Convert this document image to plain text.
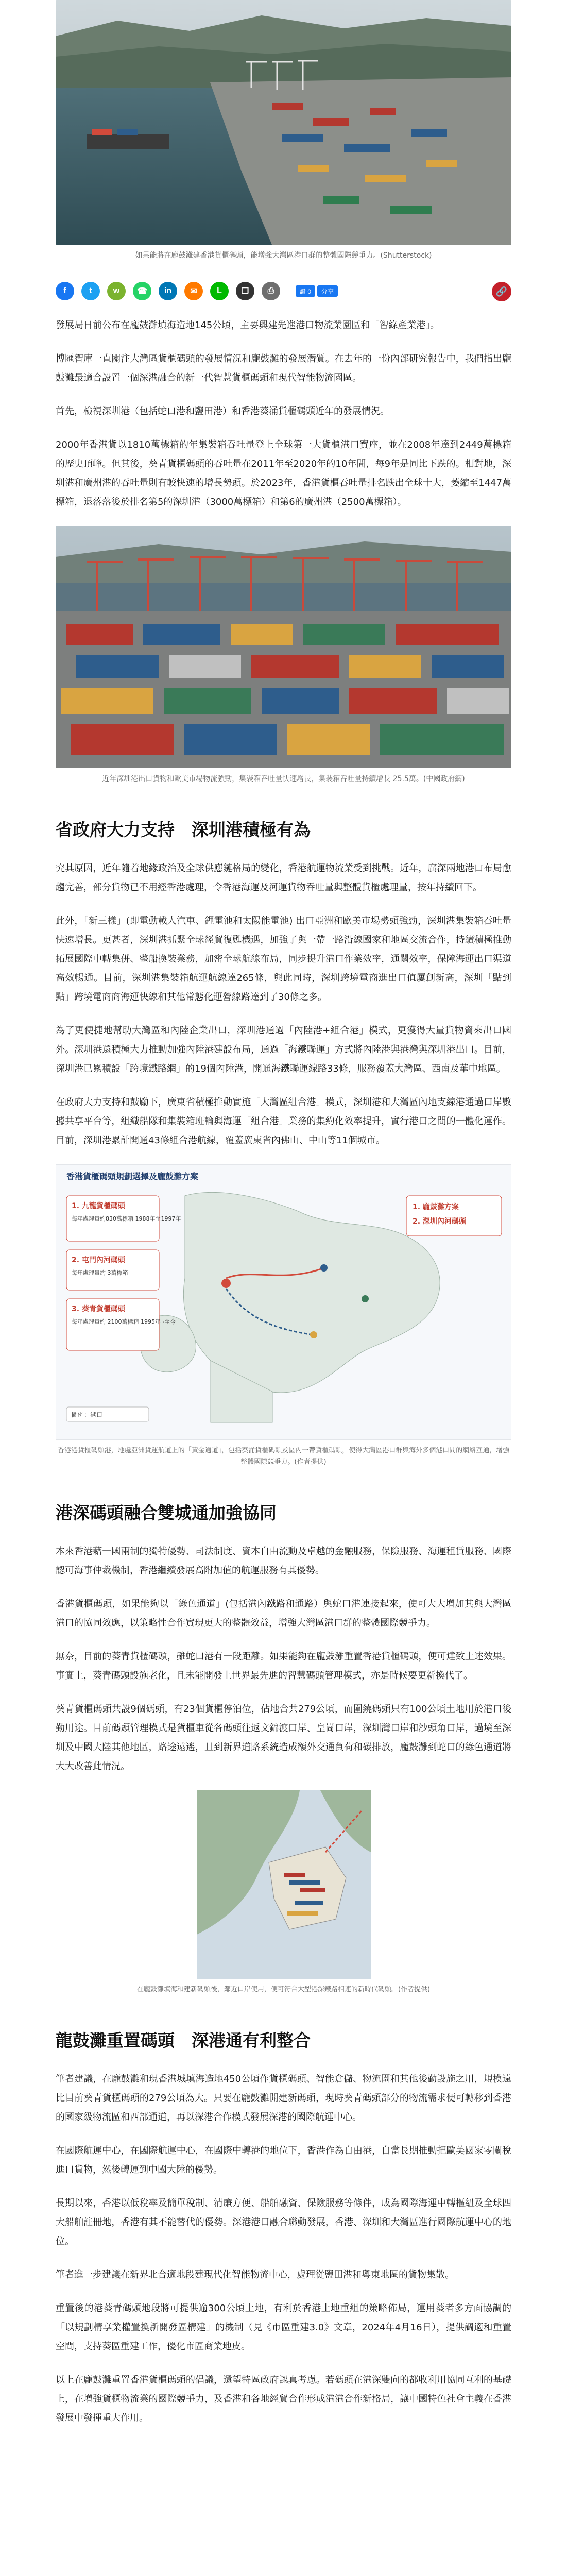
如果能將在龐鼓灘建香港貨櫃碼頭，能增強大灣區港口群的整體國際競爭力。(Shutterstock)
f	t	w	☎	in	✉	L	❐	⎙	讚 0 分享	🔗

發展局日前公布在龐鼓灘填海造地145公頃，主要興建先進港口物流業園區和「智綠產業港」。

博匯智庫一直關注大灣區貨櫃碼頭的發展情況和龐鼓灘的發展潛質。在去年的一份內部研究報告中，我們指出龐鼓灘最適合設置一個深港融合的新一代智慧貨櫃碼頭和現代智能物流園區。

首先，檢視深圳港（包括蛇口港和鹽田港）和香港葵涌貨櫃碼頭近年的發展情況。

2000年香港貨以1810萬標箱的年集裝箱吞吐量登上全球第一大貨櫃港口寶座，並在2008年達到2449萬標箱的歷史頂峰。但其後，葵青貨櫃碼頭的吞吐量在2011年至2020年的10年間，每9年是同比下跌的。相對地，深圳港和廣州港的吞吐量則有較快速的增長勢頭。於2023年，香港貨櫃吞吐量排名跌出全球十大，萎縮至1447萬標箱，退落落後於排名第5的深圳港（3000萬標箱）和第6的廣州港（2500萬標箱）。

近年深圳港出口貨物和歐美市場物流強勁，集裝箱吞吐量快速增長，集裝箱吞吐量持續增長 25.5萬。(中國政府網)
省政府大力支持　深圳港積極有為

究其原因，近年隨着地緣政治及全球供應鏈格局的變化，香港航運物流業受到挑戰。近年，廣深兩地港口布局愈趨完善，部分貨物已不用經香港處理，令香港海運及河運貨物吞吐量與整體貨櫃處理量，按年持續回下。

此外，「新三樣」(即電動載人汽車、鋰電池和太陽能電池) 出口亞洲和歐美市場勢頭強勁，深圳港集裝箱吞吐量快速增長。更甚者，深圳港抓緊全球經貿復甦機遇，加強了與一帶一路沿線國家和地區交流合作，持續積極推動拓展國際中轉集併、整船換裝業務，加密全球航線布局，同步提升港口作業效率，通關效率，保障海運出口渠道高效暢通。目前，深圳港集裝箱航運航線達265條，與此同時，深圳跨境電商進出口值屢創新高，深圳「點到點」跨境電商商海運快線和其他常態化運營線路達到了30條之多。

為了更便捷地幫助大灣區和內陸企業出口，深圳港通過「內陸港+組合港」模式，更獲得大量貨物資來出口國外。深圳港還積極大力推動加強內陸港建設布局，通過「海鐵聯運」方式將內陸港與港灣與深圳港出口。目前，深圳港已累積設「跨境鐵路網」的19個內陸港，開通海鐵聯運線路33條，服務覆蓋大灣區、西南及華中地區。

在政府大力支持和鼓勵下，廣東省積極推動實施「大灣區組合港」模式，深圳港和大灣區內地支線港通過口岸數據共享平台等，組織船隊和集裝箱班輪與海運「組合港」業務的集約化效率提升，實行港口之間的一體化運作。目前，深圳港累計開通43條組合港航線，覆蓋廣東省內佛山、中山等11個城市。

香港貨櫃碼頭規劃選擇及龐鼓灘方案
1. 九龍貨櫃碼頭
每年處理量約830萬標箱 1988年至1997年
2. 屯門內河碼頭
每年處理量約 3萬標箱
3. 葵青貨櫃碼頭
每年處理量約 2100萬標箱 1995年 -至今
1. 龐鼓灘方案
2. 深圳內河碼頭
圖例：港口
香港港貨櫃碼頭港，地處亞洲貨運航道上的「黃金通道」，包括葵涌貨櫃碼頭及區內一帶貨櫃碼頭，使得大灣區港口群與海外多個港口間的網絡互通，增強整體國際競爭力。(作者提供)
港深碼頭融合雙城通加強協同

本來香港藉一國兩制的獨特優勢、司法制度、資本自由流動及卓越的金融服務，保險服務、海運租賃服務、國際認可海事仲裁機制，香港繼續發展高附加值的航運服務有其優勢。

香港貨櫃碼頭，如果能夠以「綠色通道」(包括港內鐵路和通路）與蛇口港連接起來，使可大大增加其與大灣區港口的協同效應，以策略性合作實現更大的整體效益，增強大灣區港口群的整體國際競爭力。

無奈，目前的葵青貨櫃碼頭，雖蛇口港有一段距離。如果能夠在龐鼓灘重置香港貨櫃碼頭，便可達致上述效果。事實上，葵青碼頭設施老化，且未能開發上世界最先進的智慧碼頭管理模式，亦是時候要更新換代了。

葵青貨櫃碼頭共設9個碼頭，有23個貨櫃停泊位，佔地合共279公頃，而圍繞碼頭只有100公頃土地用於港口後勤用途。目前碼頭管理模式是貨櫃車從各碼頭往返文錦渡口岸、皇崗口岸，深圳灣口岸和沙頭角口岸，過境至深圳及中國大陸其他地區，路途遠遙，且到新界道路系統造成額外交通負荷和碳排放，龐鼓灘到蛇口的綠色通道將大大改善此情況。

在龐鼓灘填海和建新碼頭後，鄰近口岸使用，便可符合大型港深鐵路相連的新時代碼頭。(作者提供)
龍鼓灘重置碼頭　深港通有利整合

筆者建議，在龐鼓灘和現香港城填海造地450公頃作貨櫃碼頭、智能倉儲、物流園和其他後勤設施之用，規模遠比目前葵青貨櫃碼頭的279公頃為大。只要在龐鼓灘開建新碼頭，現時葵青碼頭部分的物流需求便可轉移到香港的國家級物流區和西部通道，再以深港合作模式發展深港的國際航運中心。

在國際航運中心，在國際航運中心，在國際中轉港的地位下，香港作為自由港，自當長期推動把歐美國家零關稅進口貨物，然後轉運到中國大陸的優勢。

長期以來，香港以低稅率及簡單稅制、清廉方便、船舶融資、保險服務等條件，成為國際海運中轉樞紐及全球四大船舶註冊地，香港有其不能替代的優勢。深港港口融合聯動發展，香港、深圳和大灣區進行國際航運中心的地位。

筆者進一步建議在新界北合適地段建現代化智能物流中心，處理從鹽田港和粵東地區的貨物集散。

重置後的港葵青碼頭地段將可提供逾300公頃土地，有利於香港土地重組的策略佈局，運用葵者多方面協調的「以規劃構享業權置換新開發區構建」的機制（見《市區重建3.0》文章，2024年4月16日），提供調適和重置空間，支持葵區重建工作，優化市區商業地皮。

以上在龐鼓灘重置香港貨櫃碼頭的倡議，還望特區政府認真考慮。若碼頭在港深雙向的都收利用協同互利的基礎上，在增強貨櫃物流業的國際競爭力，及香港和各地經貿合作形成港港合作新格局，讓中國特色社會主義在香港發展中發揮重大作用。
